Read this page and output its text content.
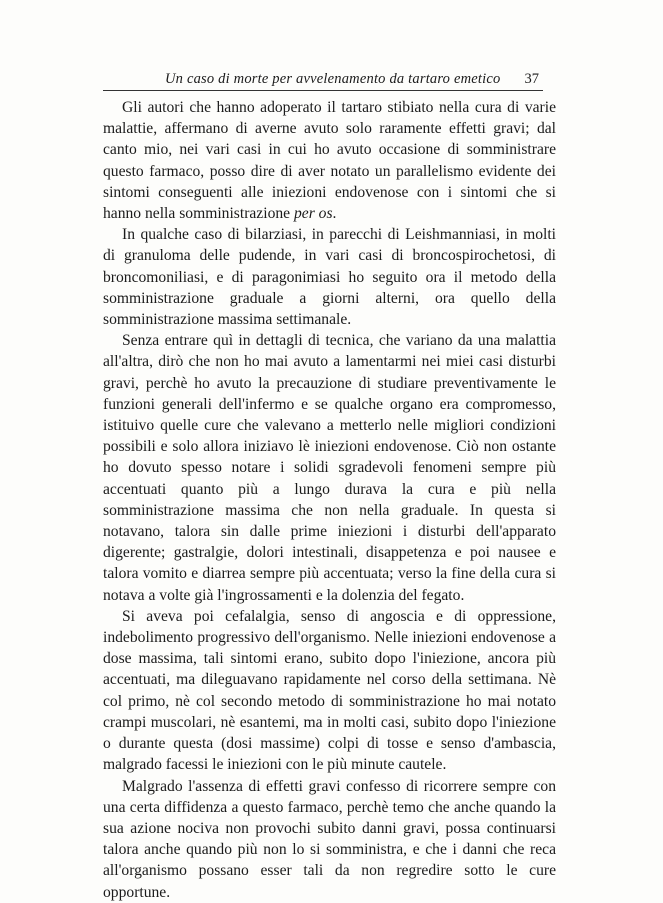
Un caso di morte per avvelenamento da tartaro emetico 37

Gli autori che hanno adoperato il tartaro stibiato nella cura di varie malattie, affermano di averne avuto solo raramente effetti gravi; dal canto mio, nei vari casi in cui ho avuto occasione di somministrare questo farmaco, posso dire di aver notato un parallelismo evidente dei sintomi conseguenti alle iniezioni endovenose con i sintomi che si hanno nella somministrazione per os.

In qualche caso di bilarziasi, in parecchi di Leishmanniasi, in molti di granuloma delle pudende, in vari casi di broncospirochetosi, di broncomoniliasi, e di paragonimiasi ho seguito ora il metodo della somministrazione graduale a giorni alterni, ora quello della somministrazione massima settimanale.

Senza entrare quì in dettagli di tecnica, che variano da una malattia all'altra, dirò che non ho mai avuto a lamentarmi nei miei casi disturbi gravi, perchè ho avuto la precauzione di studiare preventivamente le funzioni generali dell'infermo e se qualche organo era compromesso, istituivo quelle cure che valevano a metterlo nelle migliori condizioni possibili e solo allora iniziavo lè iniezioni endovenose. Ciò non ostante ho dovuto spesso notare i solidi sgradevoli fenomeni sempre più accentuati quanto più a lungo durava la cura e più nella somministrazione massima che non nella graduale. In questa si notavano, talora sin dalle prime iniezioni i disturbi dell'apparato digerente; gastralgie, dolori intestinali, disappetenza e poi nausee e talora vomito e diarrea sempre più accentuata; verso la fine della cura si notava a volte già l'ingrossamenti e la dolenzia del fegato.

Si aveva poi cefalalgia, senso di angoscia e di oppressione, indebolimento progressivo dell'organismo. Nelle iniezioni endovenose a dose massima, tali sintomi erano, subito dopo l'iniezione, ancora più accentuati, ma dileguavano rapidamente nel corso della settimana. Nè col primo, nè col secondo metodo di somministrazione ho mai notato crampi muscolari, nè esantemi, ma in molti casi, subito dopo l'iniezione o durante questa (dosi massime) colpi di tosse e senso d'ambascia, malgrado facessi le iniezioni con le più minute cautele.

Malgrado l'assenza di effetti gravi confesso di ricorrere sempre con una certa diffidenza a questo farmaco, perchè temo che anche quando la sua azione nociva non provochi subito danni gravi, possa continuarsi talora anche quando più non lo si somministra, e che i danni che reca all'organismo possano esser tali da non regredire sotto le cure opportune.
